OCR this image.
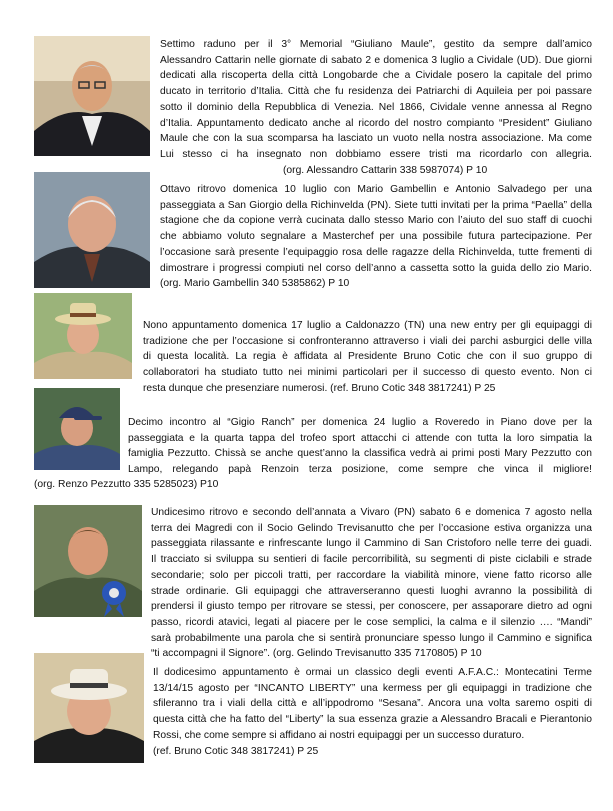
Settimo raduno per il 3° Memorial “Giuliano Maule”, gestito da sempre dall’amico
Alessandro Cattarin nelle giornate di sabato 2 e domenica 3 luglio a Cividale (UD). Due giorni
dedicati alla riscoperta della città Longobarde che a Cividale posero la capitale del primo
ducato in territorio d’Italia. Città che fu residenza dei Patriarchi di Aquileia per poi passare
sotto il dominio della Repubblica di Venezia. Nel 1866, Cividale venne annessa al Regno
d’Italia. Appuntamento dedicato anche al ricordo del nostro compianto “President” Giuliano
Maule che con la sua scomparsa ha lasciato un vuoto nella nostra associazione. Ma come
Lui stesso ci ha insegnato non dobbiamo essere tristi ma ricordarlo con allegria.
(org. Alessandro Cattarin 338 5987074) P 10
Ottavo ritrovo domenica 10 luglio con Mario Gambellin e Antonio Salvadego per una
passeggiata a San Giorgio della Richinvelda (PN). Siete tutti invitati per la prima “Paella” della
stagione che da copione verrà cucinata dallo stesso Mario con l’aiuto del suo staff di cuochi
che abbiamo voluto segnalare a Masterchef per una possibile futura partecipazione. Per
l’occasione sarà presente l’equipaggio rosa delle ragazze della Richinvelda, tutte frementi di
dimostrare i progressi compiuti nel corso dell’anno a cassetta sotto la guida dello zio Mario.
(org. Mario Gambellin 340 5385862) P 10
Nono appuntamento domenica 17 luglio a Caldonazzo (TN) una new entry per gli equipaggi di
tradizione che per l’occasione si confronteranno attraverso i viali dei parchi asburgici delle villa
di questa località. La regia è affidata al Presidente Bruno Cotic che con il suo gruppo di
collaboratori ha studiato tutto nei minimi particolari per il successo di questo evento. Non ci
resta dunque che presenziare numerosi. (ref. Bruno Cotic 348 3817241) P 25
Decimo incontro al “Gigio Ranch” per domenica 24 luglio a Roveredo in Piano dove per la
passeggiata e la quarta tappa del trofeo sport attacchi ci attende con tutta la loro simpatia la
famiglia Pezzutto. Chissà se anche quest’anno la classifica vedrà ai primi posti Mary Pezzutto con
Lampo, relegando papà Renzoin terza posizione, come sempre che vinca il migliore!
(org. Renzo Pezzutto 335 5285023) P10
Undicesimo ritrovo e secondo dell’annata a Vivaro (PN) sabato 6 e domenica 7 agosto nella
terra dei Magredi con il Socio Gelindo Trevisanutto che per l’occasione estiva organizza una
passeggiata rilassante e rinfrescante lungo il Cammino di San Cristoforo nelle terre dei guadi.
Il tracciato si sviluppa su sentieri di facile percorribilità, su segmenti di piste ciclabili e strade
secondarie; solo per piccoli tratti, per raccordare la viabilità minore, viene fatto ricorso alle
strade ordinarie. Gli equipaggi che attraverseranno questi luoghi avranno la possibilità di
prendersi il giusto tempo per ritrovare se stessi, per conoscere, per assaporare dietro ad ogni
passo, ricordi atavici, legati al piacere per le cose semplici, la calma e il silenzio …. “Mandi”
sarà probabilmente una parola che si sentirà pronunciare spesso lungo il Cammino e significa
“ti accompagni il Signore”. (org. Gelindo Trevisanutto 335 7170805) P 10
Il dodicesimo appuntamento è ormai un classico degli eventi A.F.A.C.: Montecatini Terme
13/14/15 agosto per “INCANTO LIBERTY” una kermess per gli equipaggi in tradizione che
sfileranno tra i viali della città e all’ippodromo “Sesana”. Ancora una volta saremo ospiti di
questa città che ha fatto del “Liberty” la sua essenza grazie a Alessandro Bracali e Pierantonio
Rossi, che come sempre si affidano ai nostri equipaggi per un successo duraturo.
(ref. Bruno Cotic 348 3817241) P 25
